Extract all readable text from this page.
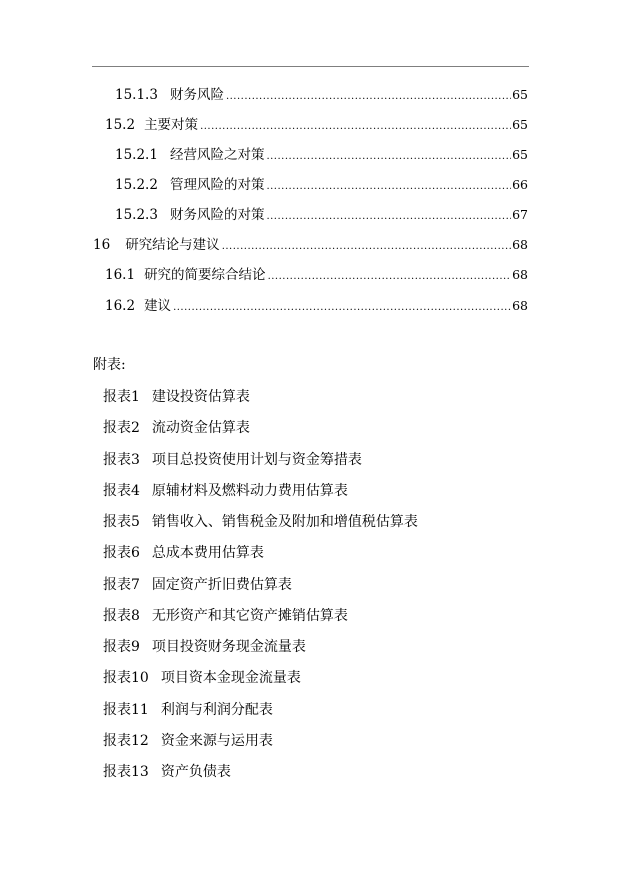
15.1.3 财务风险 .....	65
15.2 主要对策 .....	65
15.2.1 经营风险之对策 .....	65
15.2.2 管理风险的对策 .....	66
15.2.3 财务风险的对策 .....	67
16 研究结论与建议 .....	68
16.1 研究的简要综合结论 .....	68
16.2 建议 .....	68
附表:
报表1 建设投资估算表
报表2 流动资金估算表
报表3 项目总投资使用计划与资金筹措表
报表4 原辅材料及燃料动力费用估算表
报表5 销售收入、销售税金及附加和增值税估算表
报表6 总成本费用估算表
报表7 固定资产折旧费估算表
报表8 无形资产和其它资产摊销估算表
报表9 项目投资财务现金流量表
报表10 项目资本金现金流量表
报表11 利润与利润分配表
报表12 资金来源与运用表
报表13 资产负债表
